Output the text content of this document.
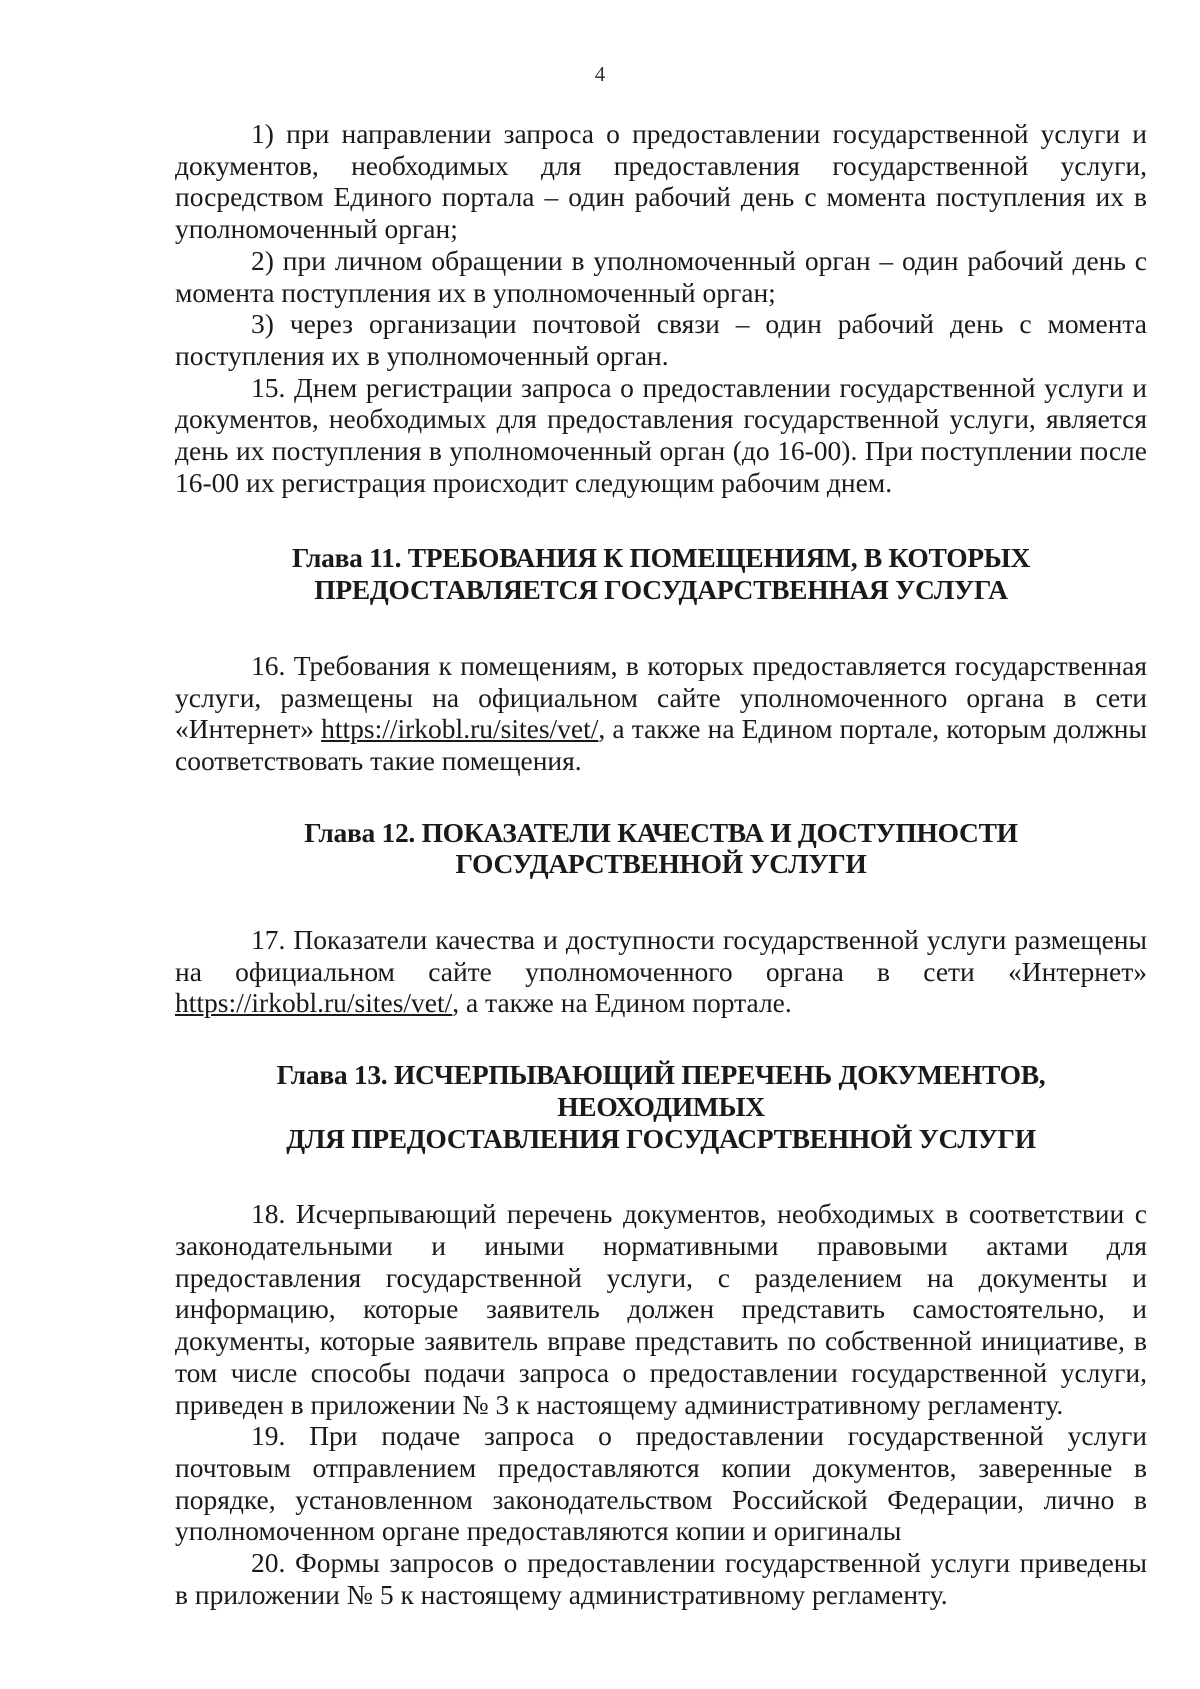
4

1) при направлении запроса о предоставлении государственной услуги и документов, необходимых для предоставления государственной услуги, посредством Единого портала – один рабочий день с момента поступления их в уполномоченный орган;

2) при личном обращении в уполномоченный орган – один рабочий день с момента поступления их в уполномоченный орган;

3) через организации почтовой связи – один рабочий день с момента поступления их в уполномоченный орган.

15. Днем регистрации запроса о предоставлении государственной услуги и документов, необходимых для предоставления государственной услуги, является день их поступления в уполномоченный орган (до 16-00). При поступлении после 16-00 их регистрация происходит следующим рабочим днем.

Глава 11. ТРЕБОВАНИЯ К ПОМЕЩЕНИЯМ, В КОТОРЫХ
ПРЕДОСТАВЛЯЕТСЯ ГОСУДАРСТВЕННАЯ УСЛУГА

16. Требования к помещениям, в которых предоставляется государственная услуги, размещены на официальном сайте уполномоченного органа в сети «Интернет» https://irkobl.ru/sites/vet/, а также на Едином портале, которым должны соответствовать такие помещения.

Глава 12. ПОКАЗАТЕЛИ КАЧЕСТВА И ДОСТУПНОСТИ
ГОСУДАРСТВЕННОЙ УСЛУГИ

17. Показатели качества и доступности государственной услуги размещены на официальном сайте уполномоченного органа в сети «Интернет» https://irkobl.ru/sites/vet/, а также на Едином портале.

Глава 13. ИСЧЕРПЫВАЮЩИЙ ПЕРЕЧЕНЬ ДОКУМЕНТОВ, НЕОХОДИМЫХ
ДЛЯ ПРЕДОСТАВЛЕНИЯ ГОСУДАСРТВЕННОЙ УСЛУГИ

18. Исчерпывающий перечень документов, необходимых в соответствии с законодательными и иными нормативными правовыми актами для предоставления государственной услуги, с разделением на документы и информацию, которые заявитель должен представить самостоятельно, и документы, которые заявитель вправе представить по собственной инициативе, в том числе способы подачи запроса о предоставлении государственной услуги, приведен в приложении № 3 к настоящему административному регламенту.

19. При подаче запроса о предоставлении государственной услуги почтовым отправлением предоставляются копии документов, заверенные в порядке, установленном законодательством Российской Федерации, лично в уполномоченном органе предоставляются копии и оригиналы

20. Формы запросов о предоставлении государственной услуги приведены в приложении № 5 к настоящему административному регламенту.
